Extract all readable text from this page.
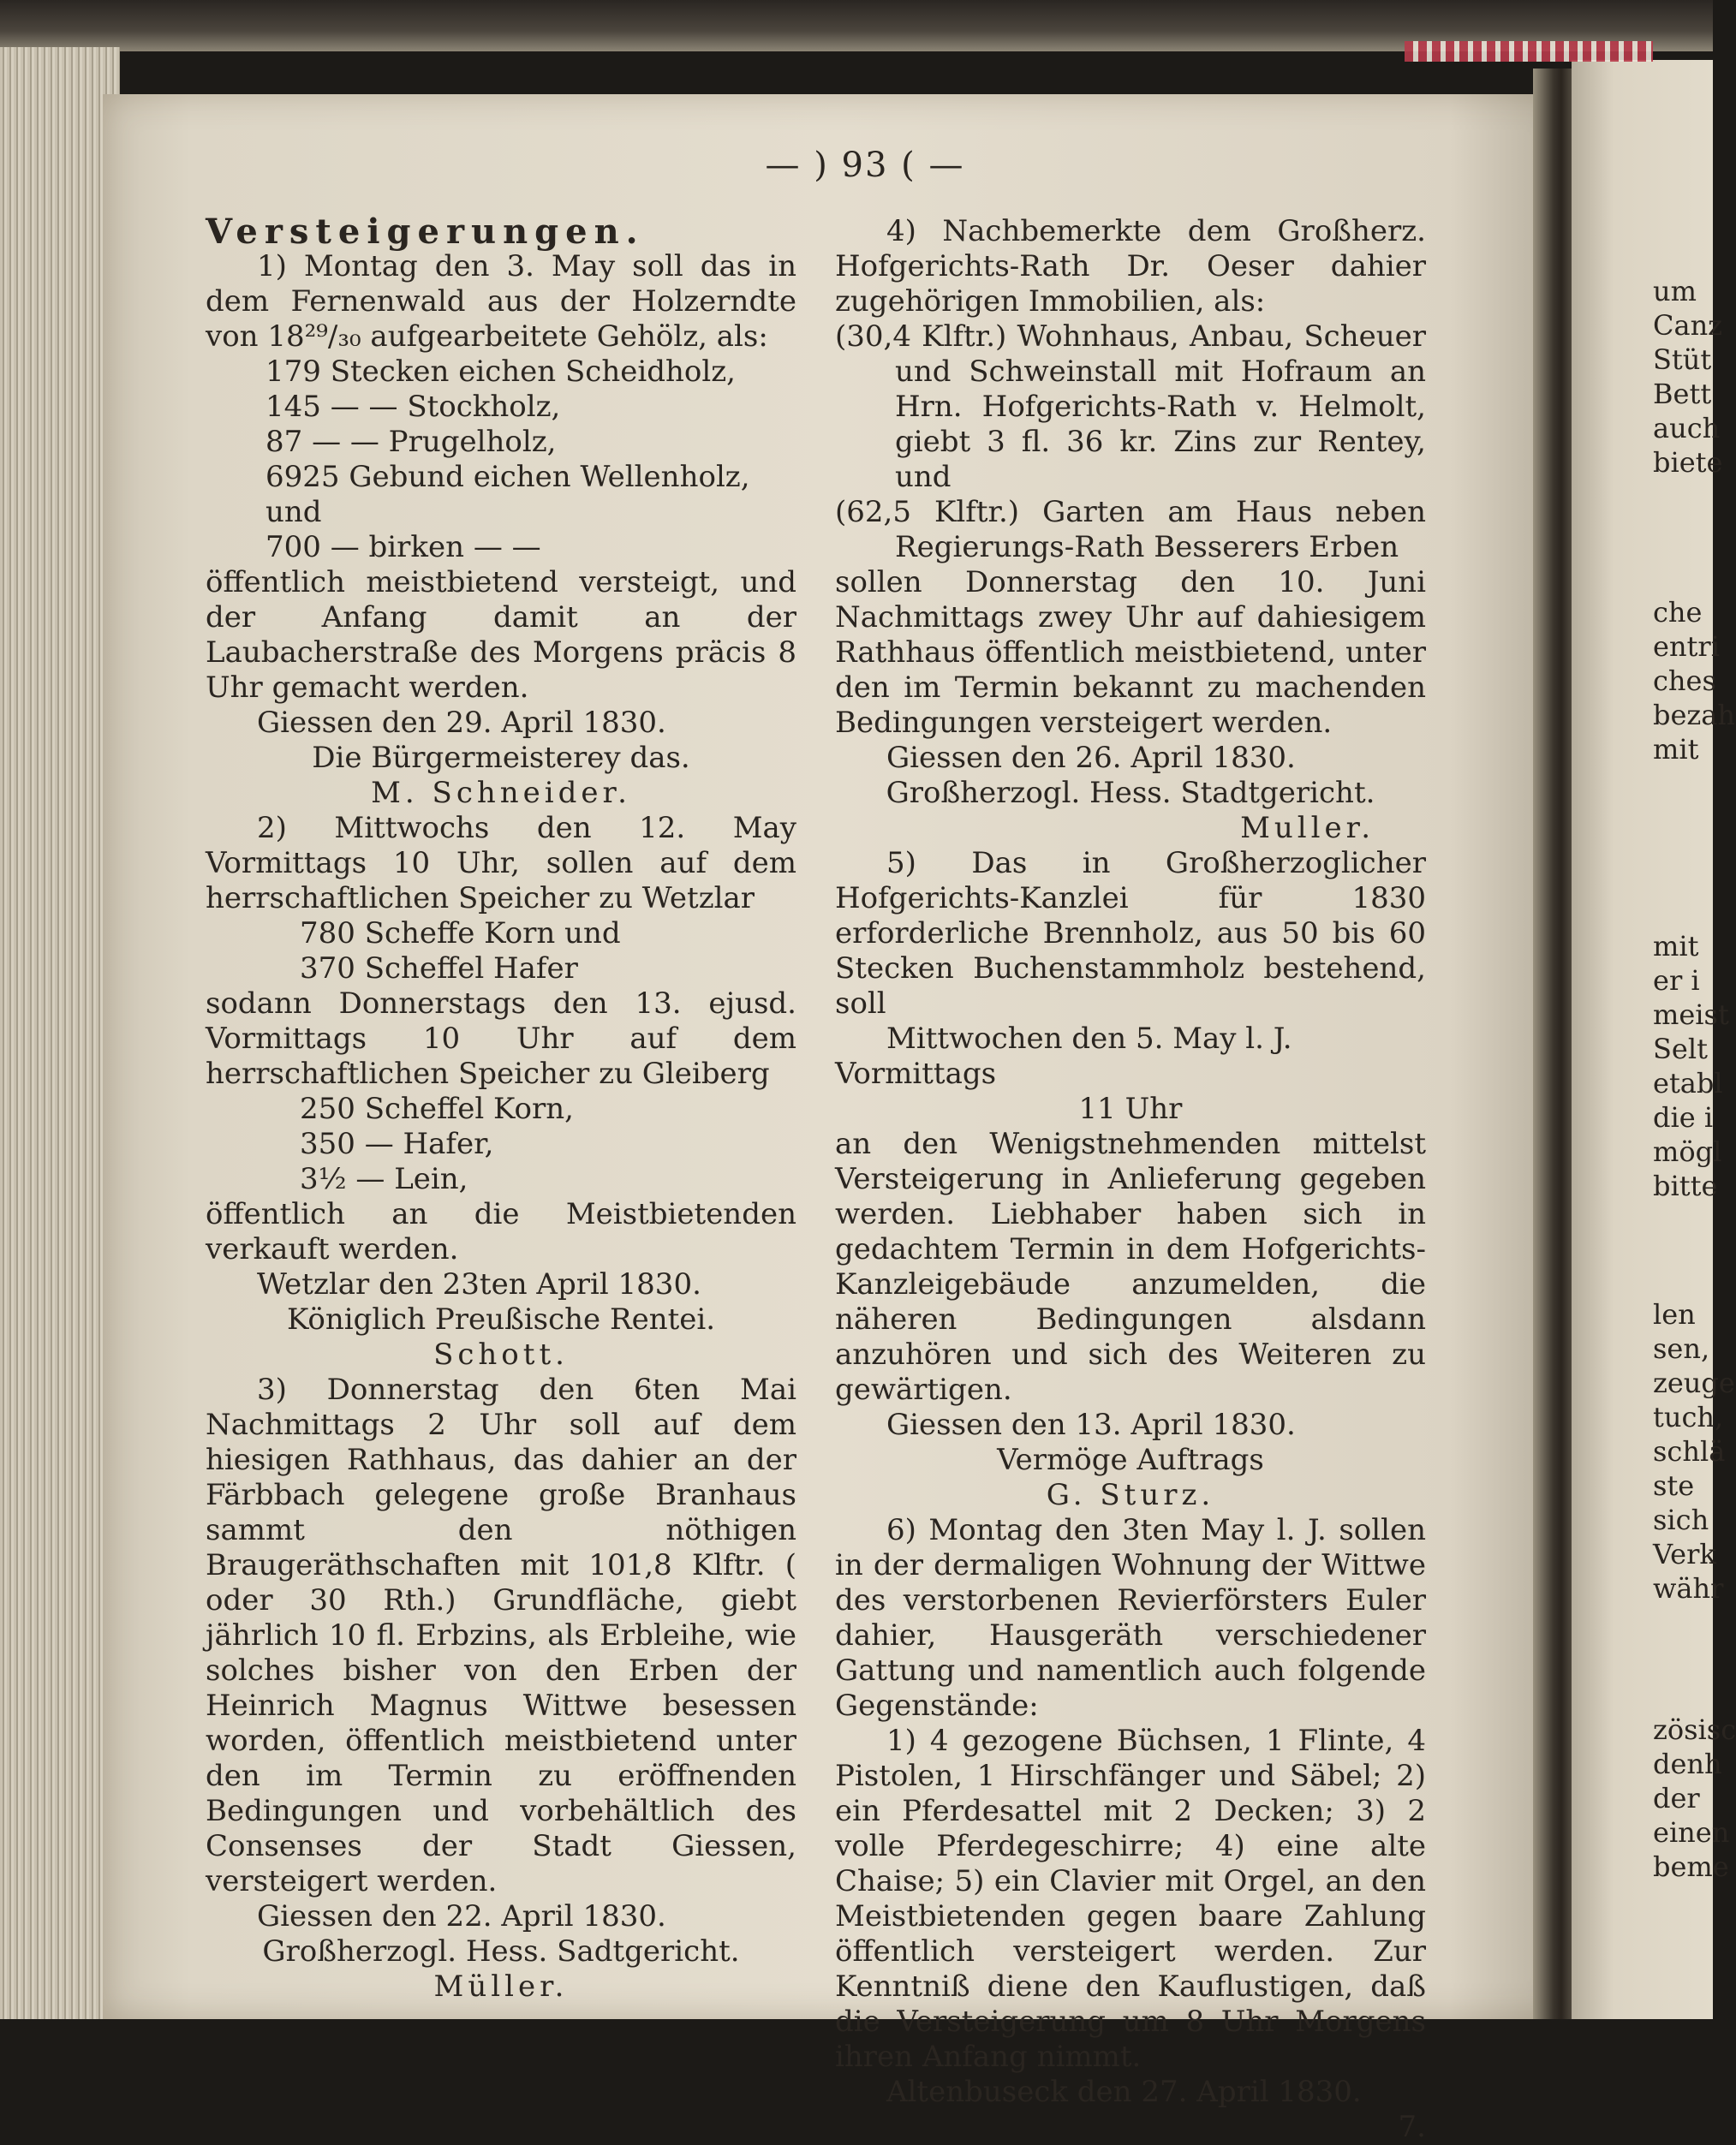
— ) 93 ( —

Versteigerungen.

1) Montag den 3. May soll das in dem Fernenwald aus der Holzerndte von 18²⁹/₃₀ aufgearbeitete Gehölz, als:

179 Stecken eichen Scheidholz,

145 — — Stockholz,

87 — — Prugelholz,

6925 Gebund eichen Wellenholz, und

700 — birken — —

öffentlich meistbietend versteigt, und der Anfang damit an der Laubacherstraße des Morgens präcis 8 Uhr gemacht werden.

Giessen den 29. April 1830.

Die Bürgermeisterey das.

M. Schneider.

2) Mittwochs den 12. May Vormittags 10 Uhr, sollen auf dem herrschaftlichen Speicher zu Wetzlar

780 Scheffe Korn und

370 Scheffel Hafer

sodann Donnerstags den 13. ejusd. Vormittags 10 Uhr auf dem herrschaftlichen Speicher zu Gleiberg

250 Scheffel Korn,

350 — Hafer,

3½ — Lein,

öffentlich an die Meistbietenden verkauft werden.

Wetzlar den 23ten April 1830.

Königlich Preußische Rentei.

Schott.

3) Donnerstag den 6ten Mai Nachmittags 2 Uhr soll auf dem hiesigen Rathhaus, das dahier an der Färbbach gelegene große Branhaus sammt den nöthigen Braugeräthschaften mit 101,8 Klftr. ( oder 30 Rth.) Grundfläche, giebt jährlich 10 fl. Erbzins, als Erbleihe, wie solches bisher von den Erben der Heinrich Magnus Wittwe besessen worden, öffentlich meistbietend unter den im Termin zu eröffnenden Bedingungen und vorbehältlich des Consenses der Stadt Giessen, versteigert werden.

Giessen den 22. April 1830.

Großherzogl. Hess. Sadtgericht.

Müller.

4) Nachbemerkte dem Großherz. Hofgerichts-Rath Dr. Oeser dahier zugehörigen Immobilien, als:

(30,4 Klftr.) Wohnhaus, Anbau, Scheuer und Schweinstall mit Hofraum an Hrn. Hofgerichts-Rath v. Helmolt, giebt 3 fl. 36 kr. Zins zur Rentey, und

(62,5 Klftr.) Garten am Haus neben Regierungs-Rath Besserers Erben

sollen Donnerstag den 10. Juni Nachmittags zwey Uhr auf dahiesigem Rathhaus öffentlich meistbietend, unter den im Termin bekannt zu machenden Bedingungen versteigert werden.

Giessen den 26. April 1830.

Großherzogl. Hess. Stadtgericht.

Muller.

5) Das in Großherzoglicher Hofgerichts-Kanzlei für 1830 erforderliche Brennholz, aus 50 bis 60 Stecken Buchenstammholz bestehend, soll

Mittwochen den 5. May l. J. Vormittags

11 Uhr

an den Wenigstnehmenden mittelst Versteigerung in Anlieferung gegeben werden. Liebhaber haben sich in gedachtem Termin in dem Hofgerichts-Kanzleigebäude anzumelden, die näheren Bedingungen alsdann anzuhören und sich des Weiteren zu gewärtigen.

Giessen den 13. April 1830.

Vermöge Auftrags

G. Sturz.

6) Montag den 3ten May l. J. sollen in der dermaligen Wohnung der Wittwe des verstorbenen Revierförsters Euler dahier, Hausgeräth verschiedener Gattung und namentlich auch folgende Gegenstände:

1) 4 gezogene Büchsen, 1 Flinte, 4 Pistolen, 1 Hirschfänger und Säbel; 2) ein Pferdesattel mit 2 Decken; 3) 2 volle Pferdegeschirre; 4) eine alte Chaise; 5) ein Clavier mit Orgel, an den Meistbietenden gegen baare Zahlung öffentlich versteigert werden. Zur Kenntniß diene den Kauflustigen, daß die Versteigerung um 8 Uhr Morgens ihren Anfang nimmt.

Altenbuseck den 27. April 1830.

7.

um
Canz
Stüt
Bett
auch
biete
che
entri
ches
bezah
mit
mit
er i
meist
Selt
etabl
die i
mögl
bitte
len
sen,
zeuge
tuch,
schlä
ste
sich
Verk
währ
zösisc
denh
der
einen
beme
